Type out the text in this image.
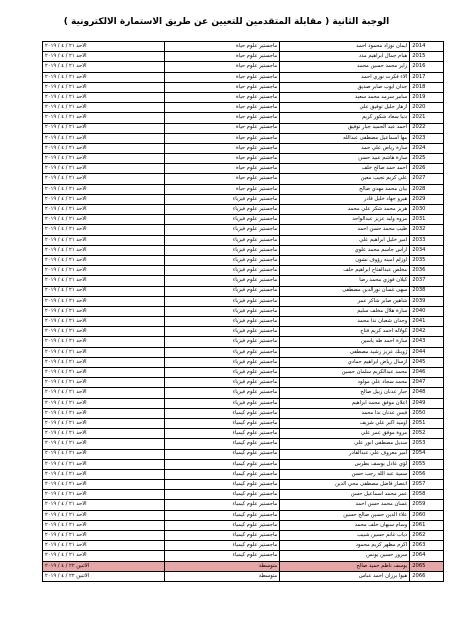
الوجبة الثانية ( مقابلة المتقدمين للتعيين عن طريق الاستمارة الالكترونية )
الاحد ٢١ / ٤ / ٢٠١٩	ماجستير علوم حياة	ايمان نوزاد محمود احمد	2014
الاحد ٢١ / ٤ / ٢٠١٩	ماجستير علوم حياة	هيام جمال ابراهيم مدد	2015
الاحد ٢١ / ٤ / ٢٠١٩	ماجستير علوم حياة	زاير محمد حسين محمد	2016
الاحد ٢١ / ٤ / ٢٠١٩	ماجستير علوم حياة	الاء فكرت نوري احمد	2017
الاحد ٢١ / ٤ / ٢٠١٩	ماجستير علوم حياة	جدان ايوب صابر صديق	2018
الاحد ٢١ / ٤ / ٢٠١٩	ماجستير علوم حياة	سامر سرمد محمد سعيد	2019
الاحد ٢١ / ٤ / ٢٠١٩	ماجستير علوم حياة	ازهار جليل توفيق علي	2020
الاحد ٢١ / ٤ / ٢٠١٩	ماجستير علوم حياة	دنيا سعاد شكور كريم	2021
الاحد ٢١ / ٤ / ٢٠١٩	ماجستير علوم حياة	احمد عبد الحميد جبار توفيق	2022
الاحد ٢١ / ٤ / ٢٠١٩	ماجستير علوم حياة	مها اسماعيل مصطفى عبدالله	2023
الاحد ٢١ / ٤ / ٢٠١٩	ماجستير علوم حياة	سارة رياض علي حمد	2024
الاحد ٢١ / ٤ / ٢٠١٩	ماجستير علوم حياة	سارة هاشم عبيد حسن	2025
الاحد ٢١ / ٤ / ٢٠١٩	ماجستير علوم حياة	احمد حمد صالح خلف	2026
الاحد ٢١ / ٤ / ٢٠١٩	ماجستير علوم حياة	علي كريم نجيب معين	2027
الاحد ٢١ / ٤ / ٢٠١٩	ماجستير علوم حياة	بيان محمد مهدي صالح	2028
الاحد ٢١ / ٤ / ٢٠١٩	ماجستير علوم فيزياء	هيرو جهاد خليل قادر	2029
الاحد ٢١ / ٤ / ٢٠١٩	ماجستير علوم فيزياء	هريز محمد شكر علي محمد	2030
الاحد ٢١ / ٤ / ٢٠١٩	ماجستير علوم فيزياء	مروه وليد عزيز عبدالواحد	2031
الاحد ٢١ / ٤ / ٢٠١٩	ماجستير علوم فيزياء	طيب محمد حسن احمد	2032
الاحد ٢١ / ٤ / ٢٠١٩	ماجستير علوم فيزياء	امير خليل ابراهيم علي	2033
الاحد ٢١ / ٤ / ٢٠١٩	ماجستير علوم فيزياء	اراس جاسم محمد علوي	2034
الاحد ٢١ / ٤ / ٢٠١٩	ماجستير علوم فيزياء	اوزلم امينه رؤوف نشون	2035
الاحد ٢١ / ٤ / ٢٠١٩	ماجستير علوم فيزياء	مخلص عبدالفتاح ابراهيم خلف	2036
الاحد ٢١ / ٤ / ٢٠١٩	ماجستير علوم فيزياء	كيلان فوزي محمد رضا	2037
الاحد ٢١ / ٤ / ٢٠١٩	ماجستير علوم فيزياء	سهى غسان نورالدين مصطفى	2038
الاحد ٢١ / ٤ / ٢٠١٩	ماجستير علوم فيزياء	شاهين صابر شاكر عمر	2039
الاحد ٢١ / ٤ / ٢٠١٩	ماجستير علوم فيزياء	سارة هلال مخلف سليم	2040
الاحد ٢١ / ٤ / ٢٠١٩	ماجستير علوم فيزياء	وجدان شعبان نذا محمد	2041
الاحد ٢١ / ٤ / ٢٠١٩	ماجستير علوم فيزياء	كولاله احمد كريم فتاح	2042
الاحد ٢١ / ٤ / ٢٠١٩	ماجستير علوم فيزياء	سارة احمد طه ياسين	2043
الاحد ٢١ / ٤ / ٢٠١٩	ماجستير علوم فيزياء	ژوينك عزيز رشيد مصطفى	2044
الاحد ٢١ / ٤ / ٢٠١٩	ماجستير علوم فيزياء	ازسال رياض ابراهيم حمادي	2045
الاحد ٢١ / ٤ / ٢٠١٩	ماجستير علوم فيزياء	محمد عبدالكريم سلمان حسين	2046
الاحد ٢١ / ٤ / ٢٠١٩	ماجستير علوم فيزياء	محمد سجاد علي مولود	2047
الاحد ٢١ / ٤ / ٢٠١٩	ماجستير علوم فيزياء	جبار عدنان زبيل صالح	2048
الاحد ٢١ / ٤ / ٢٠١٩	ماجستير علوم فيزياء	اعلان موفق محمد ابراهيم	2049
الاحد ٢١ / ٤ / ٢٠١٩	ماجستير علوم كيمياء	قيس عدنان نذا محمد	2050
الاحد ٢١ / ٤ / ٢٠١٩	ماجستير علوم كيمياء	اوميد اكبر علي شريف	2051
الاحد ٢١ / ٤ / ٢٠١٩	ماجستير علوم كيمياء	مروة موفق عمر علي	2052
الاحد ٢١ / ٤ / ٢٠١٩	ماجستير علوم كيمياء	سديل مصطفى انور علي	2053
الاحد ٢١ / ٤ / ٢٠١٩	ماجستير علوم كيمياء	امير معروف علي عبدالقادر	2054
الاحد ٢١ / ٤ / ٢٠١٩	ماجستير علوم كيمياء	لؤي عادل يوسف بطرس	2055
الاحد ٢١ / ٤ / ٢٠١٩	ماجستير علوم كيمياء	سمية عبد الله رجب حسن	2056
الاحد ٢١ / ٤ / ٢٠١٩	ماجستير علوم كيمياء	انتصار فاضل مصطفى محي الدين	2057
الاحد ٢١ / ٤ / ٢٠١٩	ماجستير علوم كيمياء	عمر محمد اسماعيل حسن	2058
الاحد ٢١ / ٤ / ٢٠١٩	ماجستير علوم كيمياء	غسان محمد حسن احمد	2059
الاحد ٢١ / ٤ / ٢٠١٩	ماجستير علوم كيمياء	علاء الدين حسين صالح حسين	2060
الاحد ٢١ / ٤ / ٢٠١٩	ماجستير علوم كيمياء	وسام سبهان خلف محمد	2061
الاحد ٢١ / ٤ / ٢٠١٩	ماجستير علوم كيمياء	ذياب غانم حسين شبيب	2062
الاحد ٢١ / ٤ / ٢٠١٩	ماجستير علوم كيمياء	اكرم مظهر كريم محمود	2063
الاحد ٢١ / ٤ / ٢٠١٩	ماجستير علوم كيمياء	سرور حسين يونس	2064
الاثنين ٢٢ / ٤ / ٢٠١٩	متوسطة	يوسف ناظم حميد صالح	2065
الاثنين ٢٢ / ٤ / ٢٠١٩	متوسطة	هيوا برزان احمد عباس	2066
